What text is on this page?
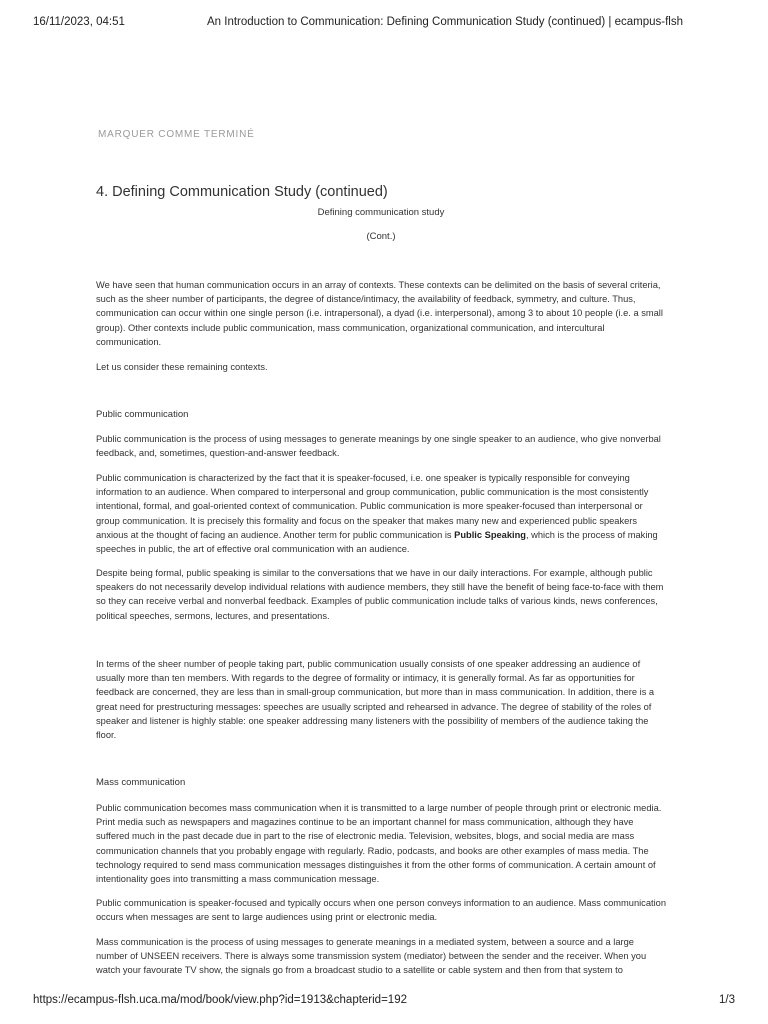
16/11/2023, 04:51	An Introduction to Communication: Defining Communication Study (continued) | ecampus-flsh
MARQUER COMME TERMINÉ
4. Defining Communication Study (continued)

Defining communication study

(Cont.)

We have seen that human communication occurs in an array of contexts. These contexts can be delimited on the basis of several criteria, such as the sheer number of participants, the degree of distance/intimacy, the availability of feedback, symmetry, and culture. Thus, communication can occur within one single person (i.e. intrapersonal), a dyad (i.e. interpersonal), among 3 to about 10 people (i.e. a small group). Other contexts include public communication, mass communication, organizational communication, and intercultural communication.

Let us consider these remaining contexts.

Public communication

Public communication is the process of using messages to generate meanings by one single speaker to an audience, who give nonverbal feedback, and, sometimes, question-and-answer feedback.

Public communication is characterized by the fact that it is speaker-focused, i.e. one speaker is typically responsible for conveying information to an audience. When compared to interpersonal and group communication, public communication is the most consistently intentional, formal, and goal-oriented context of communication. Public communication is more speaker-focused than interpersonal or group communication. It is precisely this formality and focus on the speaker that makes many new and experienced public speakers anxious at the thought of facing an audience. Another term for public communication is Public Speaking, which is the process of making speeches in public, the art of effective oral communication with an audience.

Despite being formal, public speaking is similar to the conversations that we have in our daily interactions. For example, although public speakers do not necessarily develop individual relations with audience members, they still have the benefit of being face-to-face with them so they can receive verbal and nonverbal feedback. Examples of public communication include talks of various kinds, news conferences, political speeches, sermons, lectures, and presentations.

In terms of the sheer number of people taking part, public communication usually consists of one speaker addressing an audience of usually more than ten members. With regards to the degree of formality or intimacy, it is generally formal. As far as opportunities for feedback are concerned, they are less than in small-group communication, but more than in mass communication. In addition, there is a great need for prestructuring messages: speeches are usually scripted and rehearsed in advance. The degree of stability of the roles of speaker and listener is highly stable: one speaker addressing many listeners with the possibility of members of the audience taking the floor.

Mass communication

Public communication becomes mass communication when it is transmitted to a large number of people through print or electronic media. Print media such as newspapers and magazines continue to be an important channel for mass communication, although they have suffered much in the past decade due in part to the rise of electronic media. Television, websites, blogs, and social media are mass communication channels that you probably engage with regularly. Radio, podcasts, and books are other examples of mass media. The technology required to send mass communication messages distinguishes it from the other forms of communication. A certain amount of intentionality goes into transmitting a mass communication message.

Public communication is speaker-focused and typically occurs when one person conveys information to an audience. Mass communication occurs when messages are sent to large audiences using print or electronic media.

Mass communication is the process of using messages to generate meanings in a mediated system, between a source and a large number of UNSEEN receivers. There is always some transmission system (mediator) between the sender and the receiver. When you watch your favourate TV show, the signals go from a broadcast studio to a satellite or cable system and then from that system to

https://ecampus-flsh.uca.ma/mod/book/view.php?id=1913&chapterid=192	1/3
